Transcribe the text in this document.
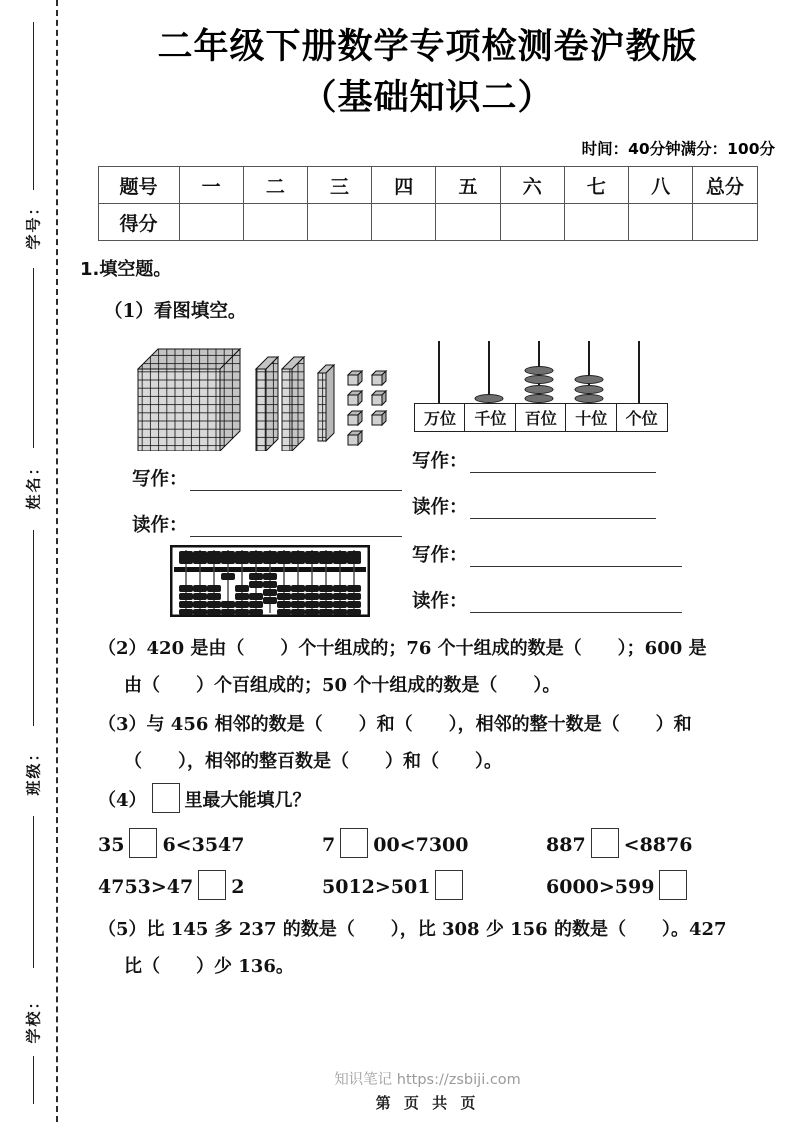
学号：
姓名：
班级：
学校：
二年级下册数学专项检测卷沪教版
（基础知识二）
时间：40分钟满分：100分
题号	一	二	三	四	五	六	七	八	总分
得分									
1.填空题。
（1）看图填空。
万位	千位	百位	十位	个位
写作：
读作：
写作：
读作：
写作：
读作：
（2）420 是由（　　）个十组成的；76 个十组成的数是（　　）；600 是
由（　　）个百组成的；50 个十组成的数是（　　）。
（3）与 456 相邻的数是（　　）和（　　），相邻的整十数是（　　）和
（　　），相邻的整百数是（　　）和（　　）。
（4） 里最大能填几？
35 6<3547	7 00<7300	887 <8876
4753>47 2	5012>501	6000>599
（5）比 145 多 237 的数是（　　），比 308 少 156 的数是（　　）。427
比（　　）少 136。
知识笔记 https://zsbiji.com
第 页 共 页
